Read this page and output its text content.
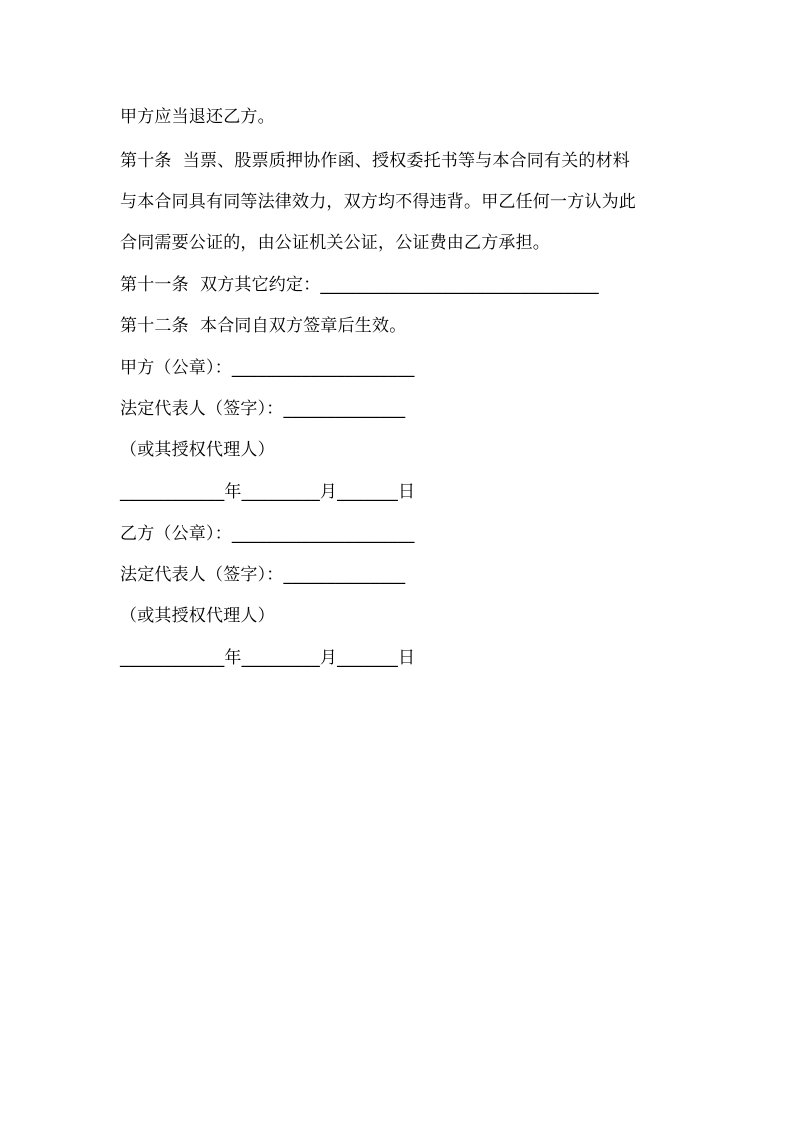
甲方应当退还乙方。
第十条  当票、股票质押协作函、授权委托书等与本合同有关的材料
与本合同具有同等法律效力，双方均不得违背。甲乙任何一方认为此
合同需要公证的，由公证机关公证，公证费由乙方承担。
第十一条  双方其它约定：________________________________
第十二条  本合同自双方签章后生效。
甲方（公章）：_____________________
法定代表人（签字）：______________
（或其授权代理人）
____________年_________月_______日
乙方（公章）：_____________________
法定代表人（签字）：______________
（或其授权代理人）
____________年_________月_______日
